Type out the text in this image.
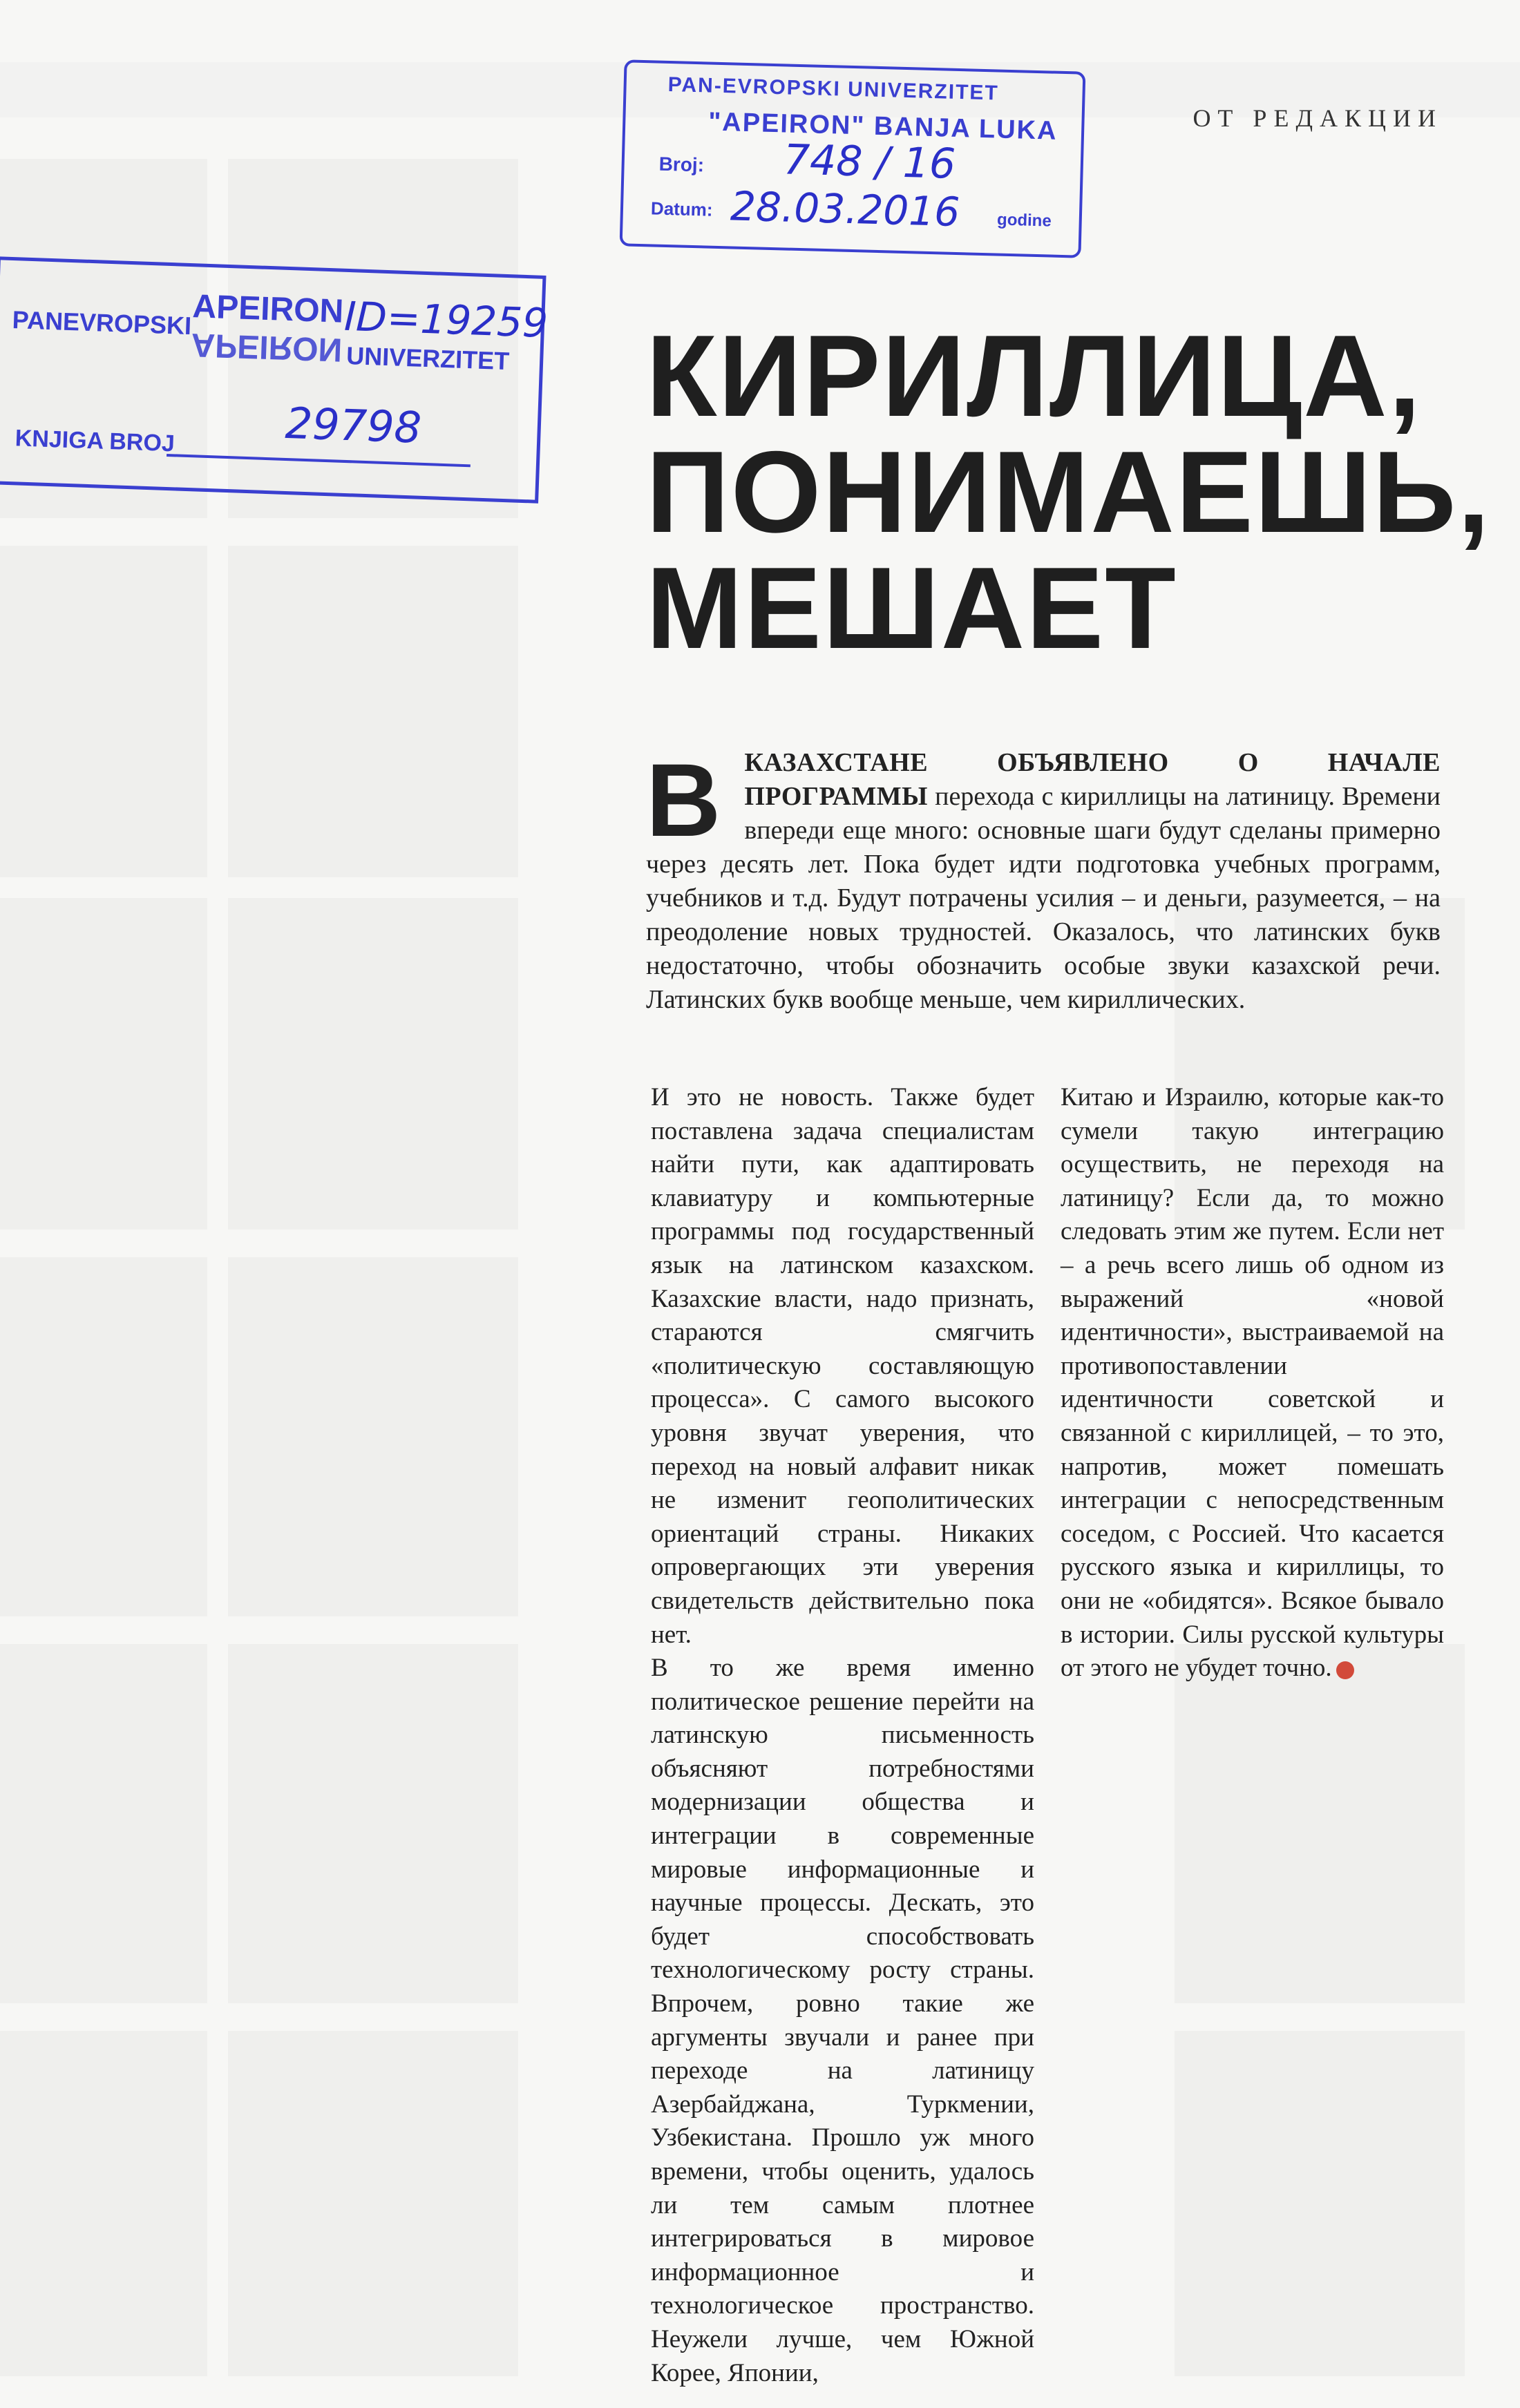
ОТ РЕДАКЦИИ
КИРИЛЛИЦА,
ПОНИМАЕШЬ,
МЕШАЕТ
В КАЗАХСТАНЕ ОБЪЯВЛЕНО О НАЧАЛЕ ПРОГРАММЫ перехода с кириллицы на латиницу. Времени впереди еще много: основные шаги будут сделаны примерно через десять лет. Пока будет идти подготовка учебных программ, учебников и т.д. Будут потрачены усилия – и деньги, разумеется, – на преодоление новых трудностей. Оказалось, что латинских букв недостаточно, чтобы обозначить особые звуки казахской речи. Латинских букв вообще меньше, чем кириллических.

И это не новость. Также будет поставлена задача специалистам найти пути, как адаптировать клавиатуру и компьютерные программы под государственный язык на латинском казахском. Казахские власти, надо признать, стараются смягчить «политическую составляющую процесса». С самого высокого уровня звучат уверения, что переход на новый алфавит никак не изменит геополитических ориентаций страны. Никаких опровергающих эти уверения свидетельств действительно пока нет.

В то же время именно политическое решение перейти на латинскую письменность объясняют потребностями модернизации общества и интеграции в современные мировые информационные и научные процессы. Дескать, это будет способствовать технологическому росту страны. Впрочем, ровно такие же аргументы звучали и ранее при переходе на латиницу Азербайджана, Туркмении, Узбекистана. Прошло уж много времени, чтобы оценить, удалось ли тем самым плотнее интегрироваться в мировое информационное и технологическое пространство. Неужели лучше, чем Южной Корее, Японии,

Китаю и Израилю, которые как-то сумели такую интеграцию осуществить, не переходя на латиницу? Если да, то можно следовать этим же путем. Если нет – а речь всего лишь об одном из выражений «новой идентичности», выстраиваемой на противопоставлении идентичности советской и связанной с кириллицей, – то это, напротив, может помешать интеграции с непосредственным соседом, с Россией. Что касается русского языка и кириллицы, то они не «обидятся». Всякое бывало в истории. Силы русской культуры от этого не убудет точно.

PAN-EVROPSKI UNIVERZITET
"APEIRON" BANJA LUKA
Broj: 748 / 16
Datum: 28.03.2016 godine
PANEVROPSKI APEIRON
APEIRON UNIVERZITET
ID=19259
KNJIGA BROJ	29798
